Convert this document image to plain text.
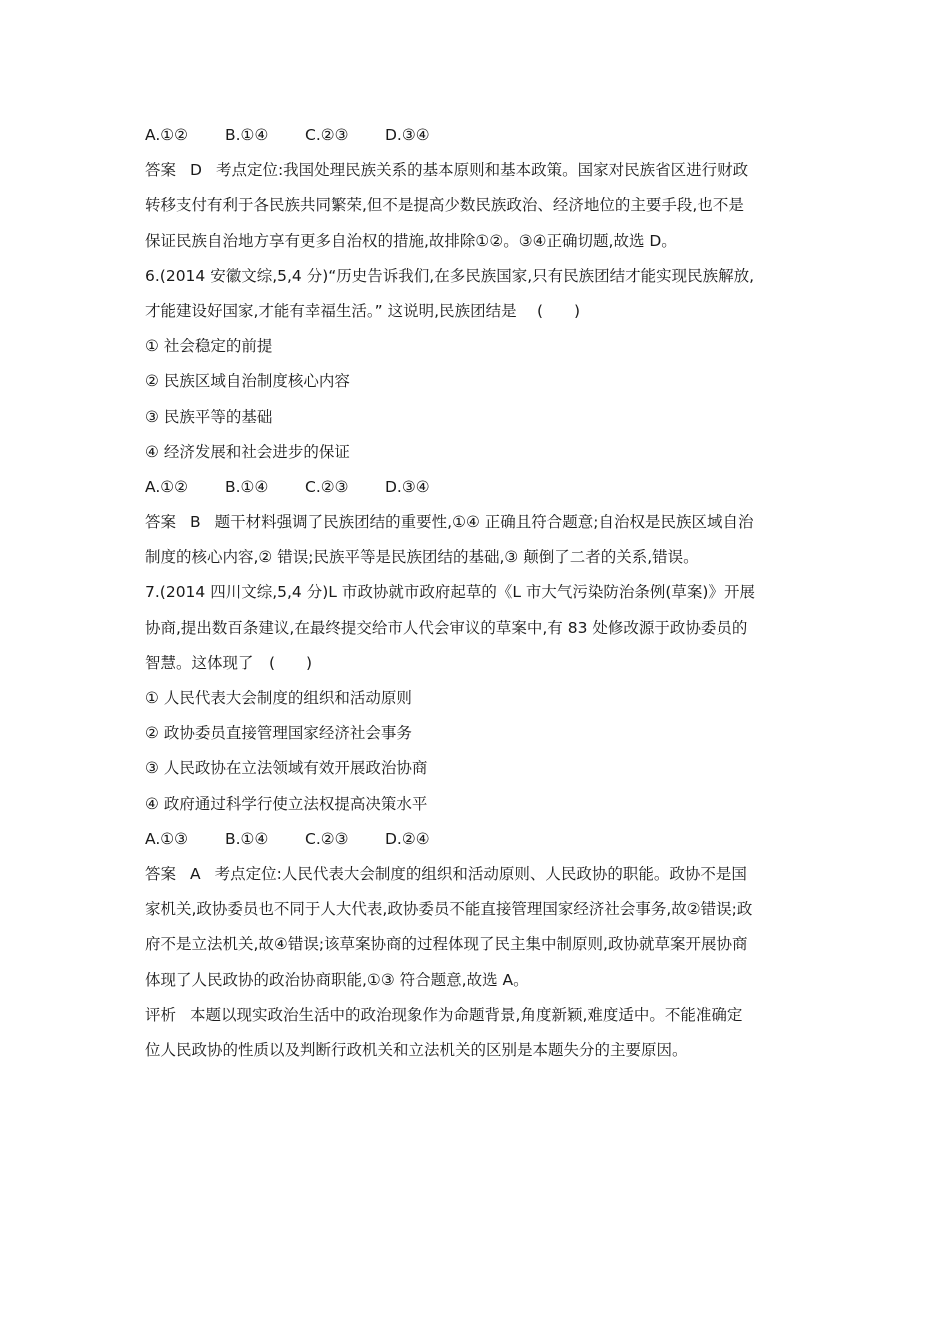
A.①② B.①④ C.②③ D.③④
答案 D 考点定位:我国处理民族关系的基本原则和基本政策。国家对民族省区进行财政
转移支付有利于各民族共同繁荣,但不是提高少数民族政治、经济地位的主要手段,也不是
保证民族自治地方享有更多自治权的措施,故排除①②。③④正确切题,故选 D。
6.(2014 安徽文综,5,4 分)“历史告诉我们,在多民族国家,只有民族团结才能实现民族解放,
才能建设好国家,才能有幸福生活。” 这说明,民族团结是　 (　　)
① 社会稳定的前提
② 民族区域自治制度核心内容
③ 民族平等的基础
④ 经济发展和社会进步的保证
A.①② B.①④ C.②③ D.③④
答案 B 题干材料强调了民族团结的重要性,①④ 正确且符合题意;自治权是民族区域自治
制度的核心内容,② 错误;民族平等是民族团结的基础,③ 颠倒了二者的关系,错误。
7.(2014 四川文综,5,4 分)L 市政协就市政府起草的《L 市大气污染防治条例(草案)》开展
协商,提出数百条建议,在最终提交给市人代会审议的草案中,有 83 处修改源于政协委员的
智慧。这体现了　(　　)
① 人民代表大会制度的组织和活动原则
② 政协委员直接管理国家经济社会事务
③ 人民政协在立法领域有效开展政治协商
④ 政府通过科学行使立法权提高决策水平
A.①③ B.①④ C.②③ D.②④
答案 A 考点定位:人民代表大会制度的组织和活动原则、人民政协的职能。政协不是国
家机关,政协委员也不同于人大代表,政协委员不能直接管理国家经济社会事务,故②错误;政
府不是立法机关,故④错误;该草案协商的过程体现了民主集中制原则,政协就草案开展协商
体现了人民政协的政治协商职能,①③ 符合题意,故选 A。
评析 本题以现实政治生活中的政治现象作为命题背景,角度新颖,难度适中。不能准确定
位人民政协的性质以及判断行政机关和立法机关的区别是本题失分的主要原因。
